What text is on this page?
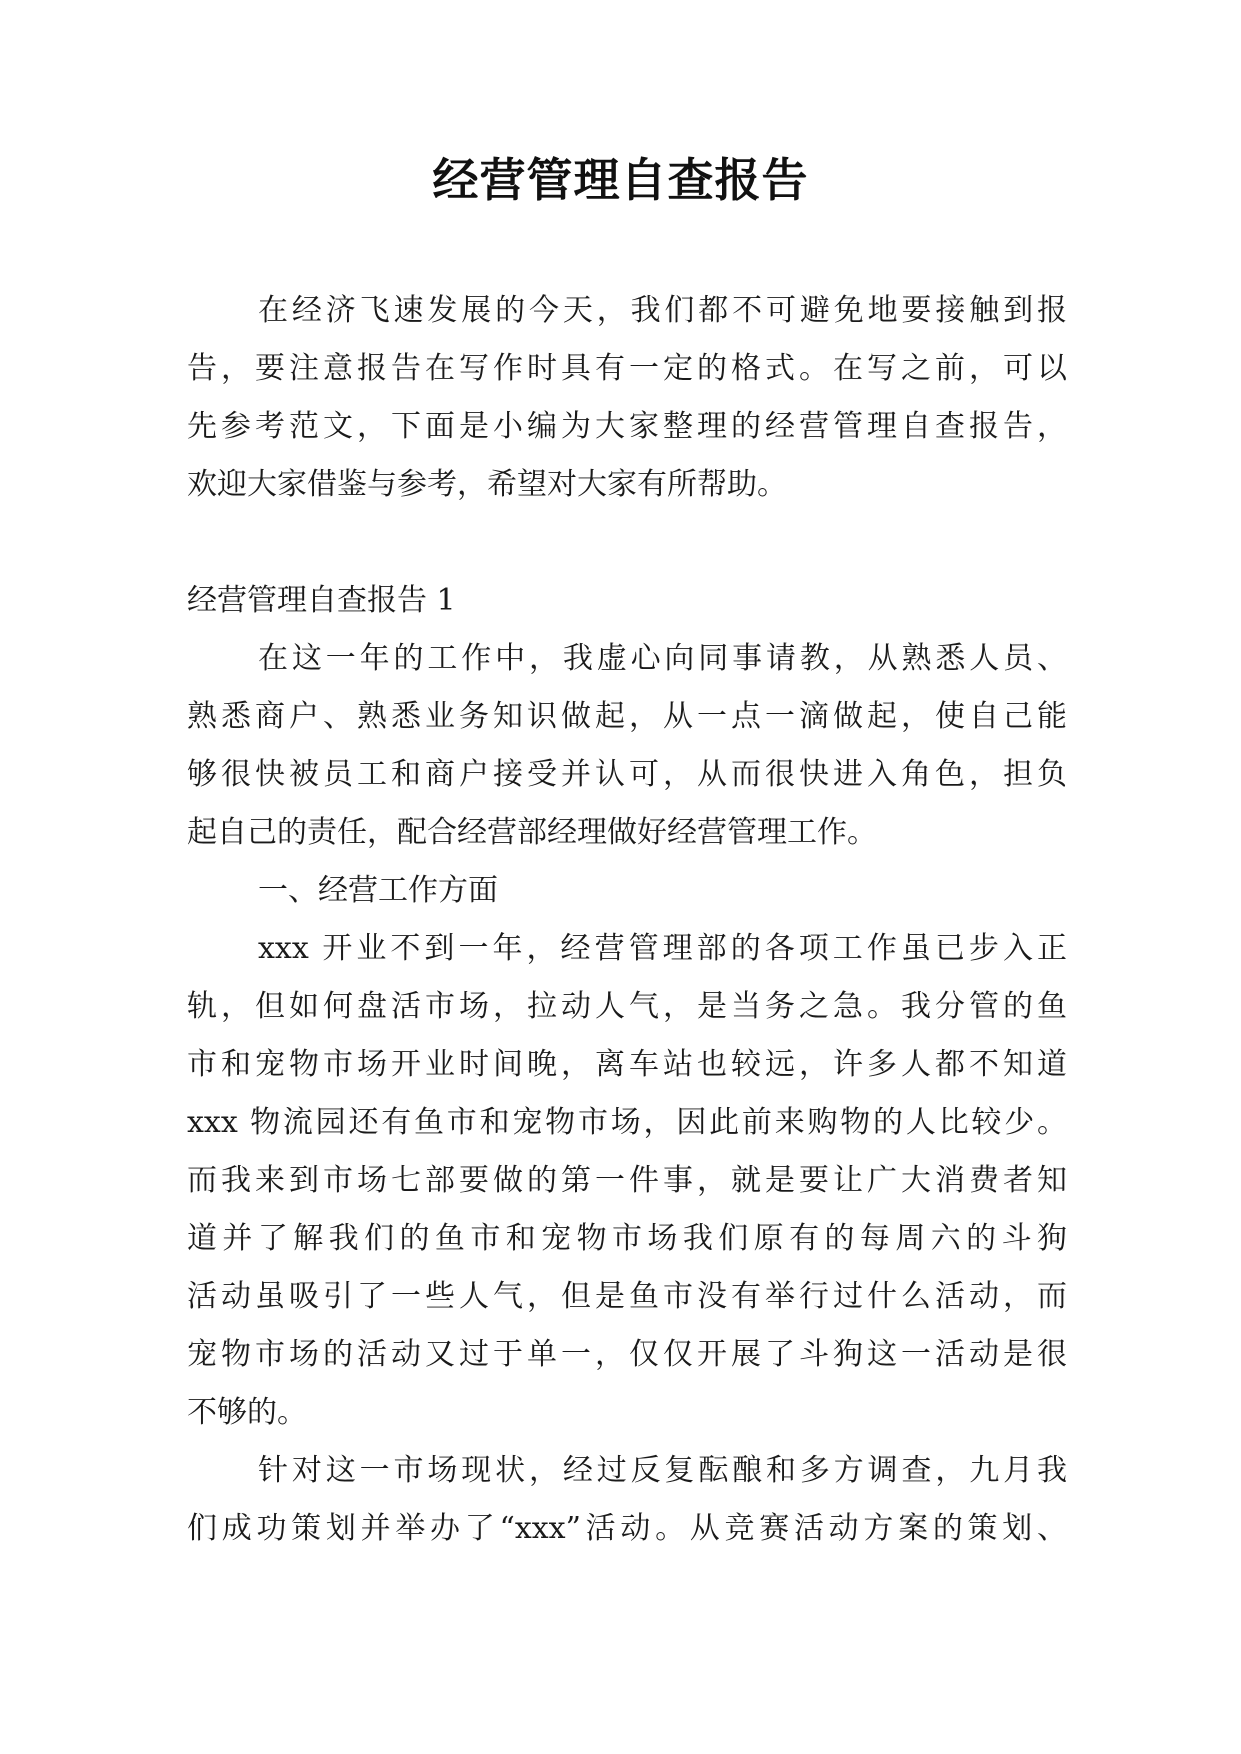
经营管理自查报告
在经济飞速发展的今天，我们都不可避免地要接触到报
告，要注意报告在写作时具有一定的格式。在写之前，可以
先参考范文，下面是小编为大家整理的经营管理自查报告，
欢迎大家借鉴与参考，希望对大家有所帮助。
经营管理自查报告 1
在这一年的工作中，我虚心向同事请教，从熟悉人员、
熟悉商户、熟悉业务知识做起，从一点一滴做起，使自己能
够很快被员工和商户接受并认可，从而很快进入角色，担负
起自己的责任，配合经营部经理做好经营管理工作。
一、经营工作方面
xxx 开业不到一年，经营管理部的各项工作虽已步入正
轨，但如何盘活市场，拉动人气，是当务之急。我分管的鱼
市和宠物市场开业时间晚，离车站也较远，许多人都不知道
xxx 物流园还有鱼市和宠物市场，因此前来购物的人比较少。
而我来到市场七部要做的第一件事，就是要让广大消费者知
道并了解我们的鱼市和宠物市场我们原有的每周六的斗狗
活动虽吸引了一些人气，但是鱼市没有举行过什么活动，而
宠物市场的活动又过于单一，仅仅开展了斗狗这一活动是很
不够的。
针对这一市场现状，经过反复酝酿和多方调查，九月我
们成功策划并举办了“xxx”活动。从竞赛活动方案的策划、
